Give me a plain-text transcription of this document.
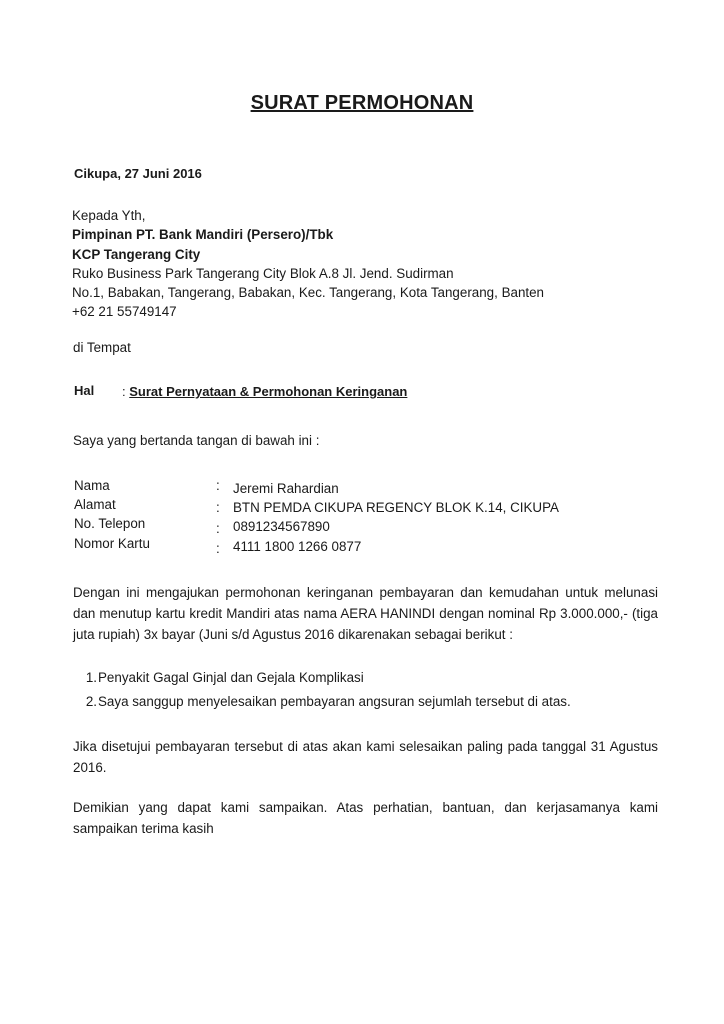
SURAT PERMOHONAN
Cikupa, 27 Juni 2016
Kepada Yth,
Pimpinan PT. Bank Mandiri (Persero)/Tbk
KCP Tangerang City
Ruko Business Park Tangerang City Blok A.8 Jl. Jend. Sudirman
No.1, Babakan, Tangerang, Babakan, Kec. Tangerang, Kota Tangerang, Banten
+62 21 55749147
di Tempat
Hal : Surat Pernyataan & Permohonan Keringanan
Saya yang bertanda tangan di bawah ini :
Nama	: Jeremi Rahardian
Alamat	: BTN PEMDA CIKUPA REGENCY BLOK K.14, CIKUPA
No. Telepon	: 0891234567890
Nomor Kartu	: 4111 1800 1266 0877
Dengan ini mengajukan permohonan keringanan pembayaran dan kemudahan untuk melunasi dan menutup kartu kredit Mandiri atas nama AERA HANINDI dengan nominal Rp 3.000.000,- (tiga juta rupiah) 3x bayar (Juni s/d Agustus 2016 dikarenakan sebagai berikut :
1.Penyakit Gagal Ginjal dan Gejala Komplikasi
2.Saya sanggup menyelesaikan pembayaran angsuran sejumlah tersebut di atas.
Jika disetujui pembayaran tersebut di atas akan kami selesaikan paling pada tanggal 31 Agustus 2016.
Demikian yang dapat kami sampaikan. Atas perhatian, bantuan, dan kerjasamanya kami sampaikan terima kasih
